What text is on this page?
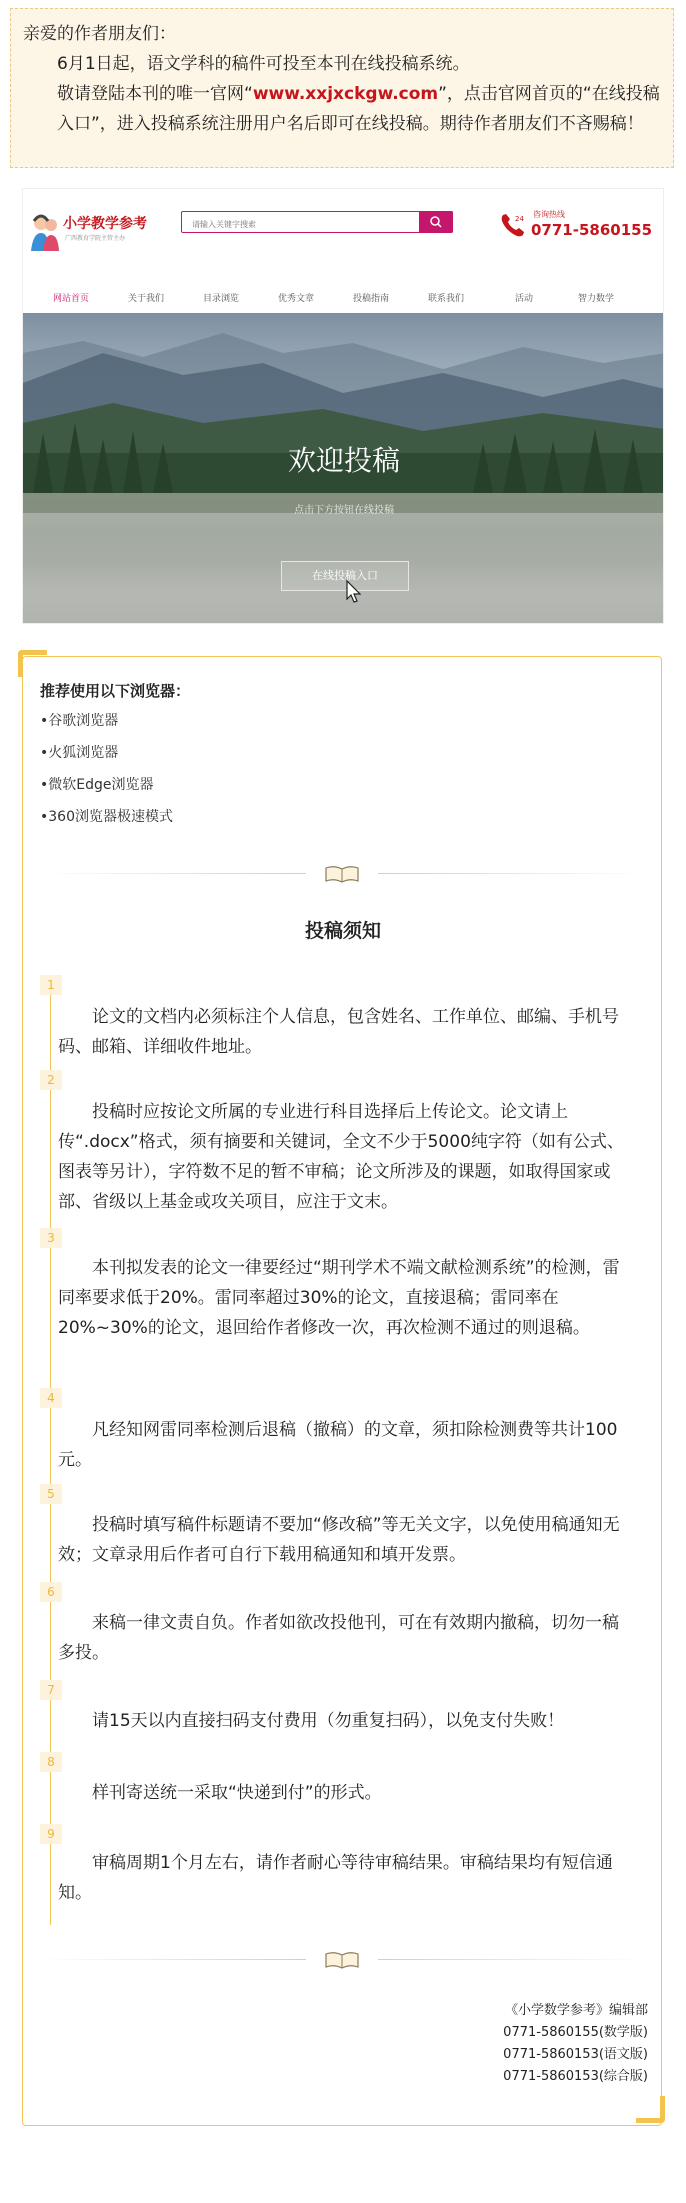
亲爱的作者朋友们：

6月1日起，语文学科的稿件可投至本刊在线投稿系统。

敬请登陆本刊的唯一官网“www.xxjxckgw.com”，点击官网首页的“在线投稿入口”，进入投稿系统注册用户名后即可在线投稿。期待作者朋友们不吝赐稿！

小学教学参考
广西教育学院主管主办
请输入关键字搜索
24 咨询热线
0771-5860155
网站首页	关于我们	目录浏览	优秀文章	投稿指南	联系我们	活动	智力数学
欢迎投稿
点击下方按钮在线投稿
在线投稿入口
推荐使用以下浏览器：
•谷歌浏览器
•火狐浏览器
•微软Edge浏览器
•360浏览器极速模式
投稿须知
1
论文的文档内必须标注个人信息，包含姓名、工作单位、邮编、手机号码、邮箱、详细收件地址。
2
投稿时应按论文所属的专业进行科目选择后上传论文。论文请上传“.docx”格式，须有摘要和关键词，全文不少于5000纯字符（如有公式、图表等另计），字符数不足的暂不审稿；论文所涉及的课题，如取得国家或部、省级以上基金或攻关项目，应注于文末。
3
本刊拟发表的论文一律要经过“期刊学术不端文献检测系统”的检测，雷同率要求低于20%。雷同率超过30%的论文，直接退稿；雷同率在20%~30%的论文，退回给作者修改一次，再次检测不通过的则退稿。
4
凡经知网雷同率检测后退稿（撤稿）的文章，须扣除检测费等共计100元。
5
投稿时填写稿件标题请不要加“修改稿”等无关文字，以免使用稿通知无效；文章录用后作者可自行下载用稿通知和填开发票。
6
来稿一律文责自负。作者如欲改投他刊，可在有效期内撤稿，切勿一稿多投。
7
请15天以内直接扫码支付费用（勿重复扫码），以免支付失败！
8
样刊寄送统一采取“快递到付”的形式。
9
审稿周期1个月左右，请作者耐心等待审稿结果。审稿结果均有短信通知。
《小学数学参考》编辑部
0771-5860155(数学版)
0771-5860153(语文版)
0771-5860153(综合版)
